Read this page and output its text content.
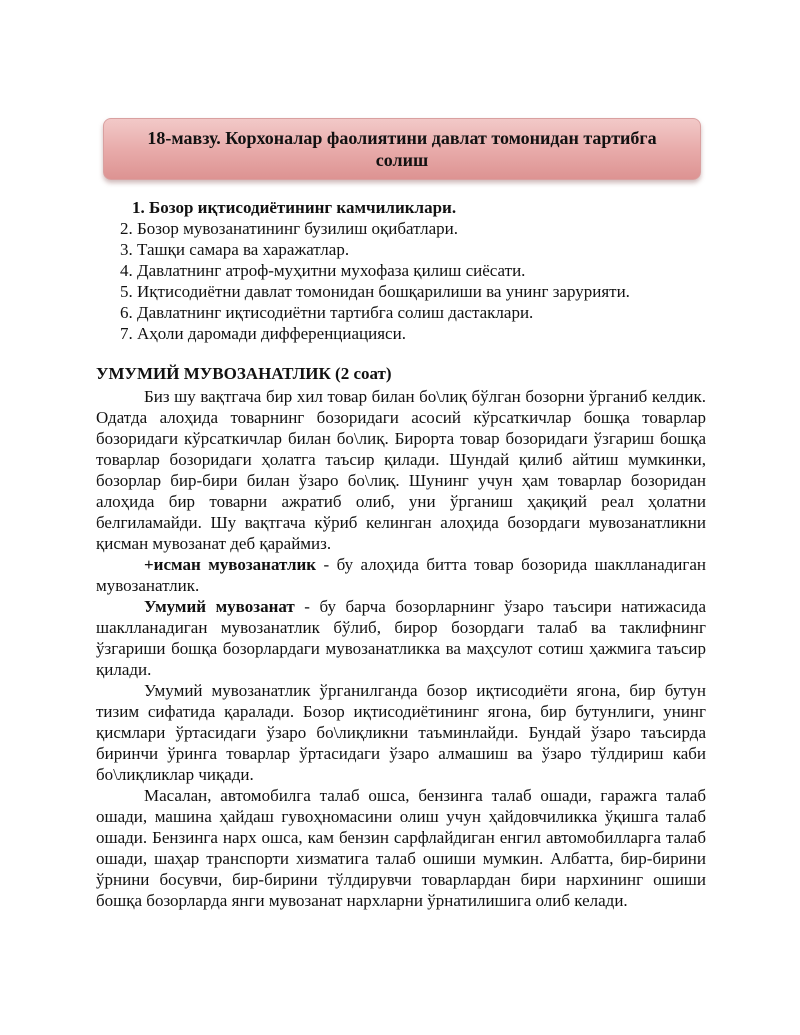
18-мавзу. Корхоналар фаолиятини давлат томонидан тартибга
солиш
1. Бозор иқтисодиётининг камчиликлари.
2. Бозор мувозанатининг бузилиш оқибатлари.
3. Ташқи самара ва харажатлар.
4. Давлатнинг атроф-муҳитни мухофаза қилиш сиёсати.
5. Иқтисодиётни давлат томонидан бошқарилиши ва унинг зарурияти.
6. Давлатнинг иқтисодиётни тартибга солиш дастаклари.
7. Аҳоли даромади дифференциацияси.
УМУМИЙ МУВОЗАНАТЛИК (2 соат)

Биз шу вақтгача бир хил товар билан бо\лиқ бўлган бозорни ўрганиб келдик. Одатда алоҳида товарнинг бозоридаги асосий кўрсаткичлар бошқа товарлар бозоридаги кўрсаткичлар билан бо\лиқ. Бироpта товар бозоридаги ўзгариш бошқа товарлар бозоридаги ҳолатга таъсир қилади. Шундай қилиб айтиш мумкинки, бозорлар бир-бири билан ўзаро бо\лиқ. Шунинг учун ҳам товарлар бозоридан алоҳида бир товарни ажратиб олиб, уни ўрганиш ҳақиқий реал ҳолатни белгиламайди. Шу вақтгача кўриб келинган алоҳида бозордаги мувозанатликни қисман мувозанат деб қараймиз.

+исман мувозанатлик - бу алоҳида битта товар бозорида шаклланадиган мувозанатлик.

Умумий мувозанат - бу барча бозорларнинг ўзаро таъсири натижасида шаклланадиган мувозанатлик бўлиб, бирор бозордаги талаб ва таклифнинг ўзгариши бошқа бозорлардаги мувозанатликка ва маҳсулот сотиш ҳажмига таъсир қилади.

Умумий мувозанатлик ўрганилганда бозор иқтисодиёти ягона, бир бутун тизим сифатида қаралади. Бозор иқтисодиётининг ягона, бир бутунлиги, унинг қисмлари ўртасидаги ўзаро бо\лиқликни таъминлайди. Бундай ўзаро таъсирда биринчи ўринга товарлар ўртасидаги ўзаро алмашиш ва ўзаро тўлдириш каби бо\лиқликлар чиқади.

Масалан, автомобилга талаб ошса, бензинга талаб ошади, гаражга талаб ошади, машина ҳайдаш гувоҳномасини олиш учун ҳайдовчиликка ўқишга талаб ошади. Бензинга нарх ошса, кам бензин сарфлайдиган енгил автомобилларга талаб ошади, шаҳар транспорти хизматига талаб ошиши мумкин. Албатта, бир-бирини ўрнини босувчи, бир-бирини тўлдирувчи товарлардан бири нархининг ошиши бошқа бозорларда янги мувозанат нархларни ўрнатилишига олиб келади.
